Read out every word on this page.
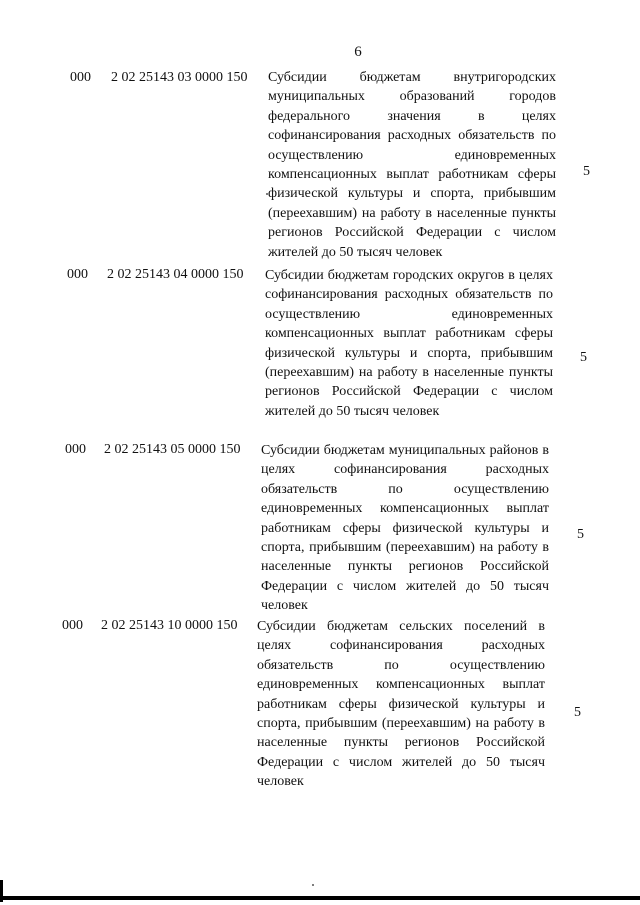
6
000 2 02 25143 03 0000 150 Субсидии бюджетам внутригородских муниципальных образований городов федерального значения в целях софинансирования расходных обязательств по осуществлению единовременных компенсационных выплат работникам сферы физической культуры и спорта, прибывшим (переехавшим) на работу в населенные пункты регионов Российской Федерации с числом жителей до 50 тысяч человек
5
000 2 02 25143 04 0000 150 Субсидии бюджетам городских округов в целях софинансирования расходных обязательств по осуществлению единовременных компенсационных выплат работникам сферы физической культуры и спорта, прибывшим (переехавшим) на работу в населенные пункты регионов Российской Федерации с числом жителей до 50 тысяч человек
5
000 2 02 25143 05 0000 150 Субсидии бюджетам муниципальных районов в целях софинансирования расходных обязательств по осуществлению единовременных компенсационных выплат работникам сферы физической культуры и спорта, прибывшим (переехавшим) на работу в населенные пункты регионов Российской Федерации с числом жителей до 50 тысяч человек
5
000 2 02 25143 10 0000 150 Субсидии бюджетам сельских поселений в целях софинансирования расходных обязательств по осуществлению единовременных компенсационных выплат работникам сферы физической культуры и спорта, прибывшим (переехавшим) на работу в населенные пункты регионов Российской Федерации с числом жителей до 50 тысяч человек
5
